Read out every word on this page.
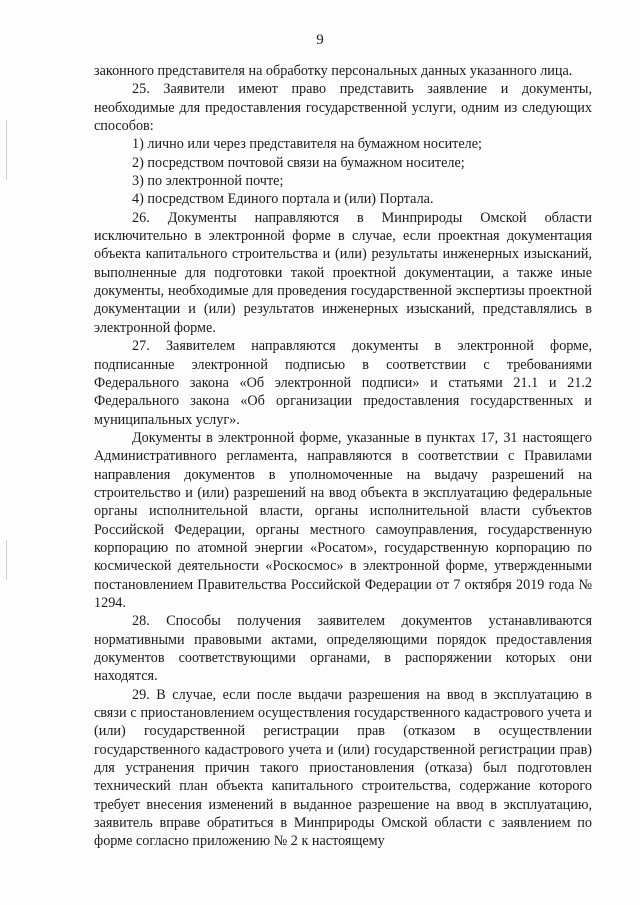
9

законного представителя на обработку персональных данных указанного лица.

25. Заявители имеют право представить заявление и документы, необходимые для предоставления государственной услуги, одним из следующих способов:

1) лично или через представителя на бумажном носителе;

2) посредством почтовой связи на бумажном носителе;

3) по электронной почте;

4) посредством Единого портала и (или) Портала.

26. Документы направляются в Минприроды Омской области исключительно в электронной форме в случае, если проектная документация объекта капитального строительства и (или) результаты инженерных изысканий, выполненные для подготовки такой проектной документации, а также иные документы, необходимые для проведения государственной экспертизы проектной документации и (или) результатов инженерных изысканий, представлялись в электронной форме.

27. Заявителем направляются документы в электронной форме, подписанные электронной подписью в соответствии с требованиями Федерального закона «Об электронной подписи» и статьями 21.1 и 21.2 Федерального закона «Об организации предоставления государственных и муниципальных услуг».

Документы в электронной форме, указанные в пунктах 17, 31 настоящего Административного регламента, направляются в соответствии с Правилами направления документов в уполномоченные на выдачу разрешений на строительство и (или) разрешений на ввод объекта в эксплуатацию федеральные органы исполнительной власти, органы исполнительной власти субъектов Российской Федерации, органы местного самоуправления, государственную корпорацию по атомной энергии «Росатом», государственную корпорацию по космической деятельности «Роскосмос» в электронной форме, утвержденными постановлением Правительства Российской Федерации от 7 октября 2019 года № 1294.

28. Способы получения заявителем документов устанавливаются нормативными правовыми актами, определяющими порядок предоставления документов соответствующими органами, в распоряжении которых они находятся.

29. В случае, если после выдачи разрешения на ввод в эксплуатацию в связи с приостановлением осуществления государственного кадастрового учета и (или) государственной регистрации прав (отказом в осуществлении государственного кадастрового учета и (или) государственной регистрации прав) для устранения причин такого приостановления (отказа) был подготовлен технический план объекта капитального строительства, содержание которого требует внесения изменений в выданное разрешение на ввод в эксплуатацию, заявитель вправе обратиться в Минприроды Омской области с заявлением по форме согласно приложению № 2 к настоящему
